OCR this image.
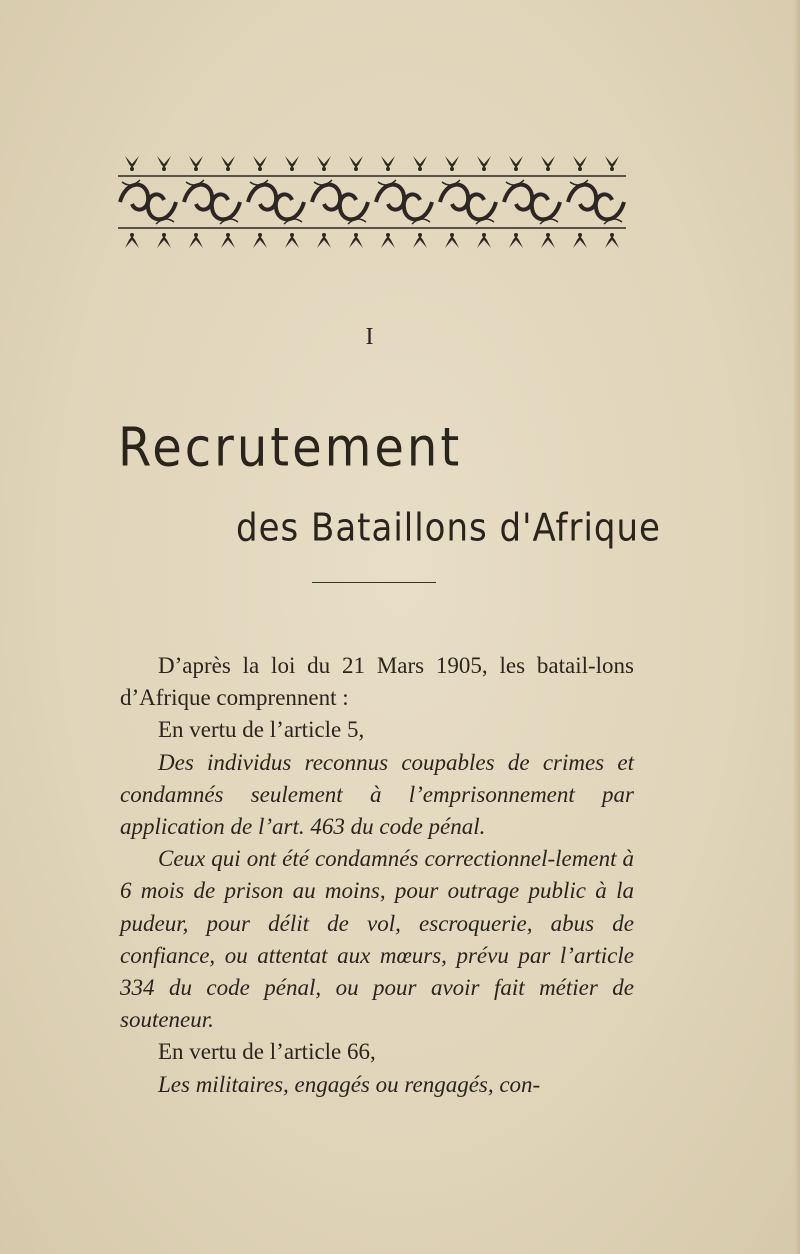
I
Recrutement
des Bataillons d'Afrique

D’après la loi du 21 Mars 1905, les batail-lons d’Afrique comprennent :

En vertu de l’article 5,

Des individus reconnus coupables de crimes et condamnés seulement à l’emprisonnement par application de l’art. 463 du code pénal.

Ceux qui ont été condamnés correctionnel-lement à 6 mois de prison au moins, pour outrage public à la pudeur, pour délit de vol, escroquerie, abus de confiance, ou attentat aux mœurs, prévu par l’article 334 du code pénal, ou pour avoir fait métier de souteneur.

En vertu de l’article 66,

Les militaires, engagés ou rengagés, con-
